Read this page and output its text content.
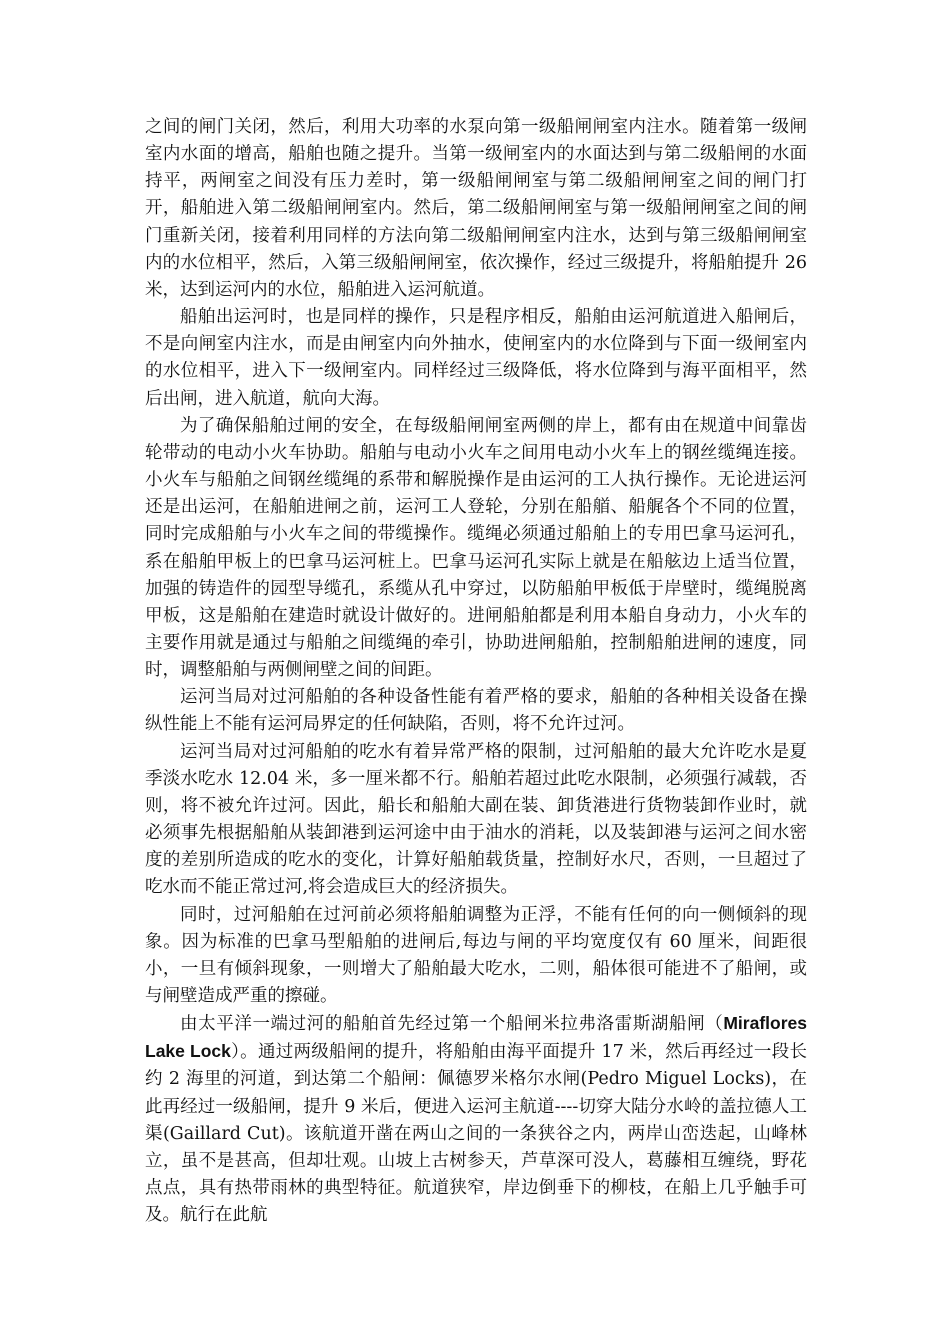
之间的闸门关闭，然后，利用大功率的水泵向第一级船闸闸室内注水。随着第一级闸室内水面的增高，船舶也随之提升。当第一级闸室内的水面达到与第二级船闸的水面持平，两闸室之间没有压力差时，第一级船闸闸室与第二级船闸闸室之间的闸门打开，船舶进入第二级船闸闸室内。然后，第二级船闸闸室与第一级船闸闸室之间的闸门重新关闭，接着利用同样的方法向第二级船闸闸室内注水，达到与第三级船闸闸室内的水位相平，然后，入第三级船闸闸室，依次操作，经过三级提升，将船舶提升 26 米，达到运河内的水位，船舶进入运河航道。

船舶出运河时，也是同样的操作，只是程序相反，船舶由运河航道进入船闸后，不是向闸室内注水，而是由闸室内向外抽水，使闸室内的水位降到与下面一级闸室内的水位相平，进入下一级闸室内。同样经过三级降低，将水位降到与海平面相平，然后出闸，进入航道，航向大海。

为了确保船舶过闸的安全，在每级船闸闸室两侧的岸上，都有由在规道中间靠齿轮带动的电动小火车协助。船舶与电动小火车之间用电动小火车上的钢丝缆绳连接。小火车与船舶之间钢丝缆绳的系带和解脱操作是由运河的工人执行操作。无论进运河还是出运河，在船舶进闸之前，运河工人登轮，分别在船艏、船艉各个不同的位置，同时完成船舶与小火车之间的带缆操作。缆绳必须通过船舶上的专用巴拿马运河孔，系在船舶甲板上的巴拿马运河桩上。巴拿马运河孔实际上就是在船舷边上适当位置，加强的铸造件的园型导缆孔，系缆从孔中穿过，以防船舶甲板低于岸壁时，缆绳脱离甲板，这是船舶在建造时就设计做好的。进闸船舶都是利用本船自身动力，小火车的主要作用就是通过与船舶之间缆绳的牵引，协助进闸船舶，控制船舶进闸的速度，同时，调整船舶与两侧闸壁之间的间距。

运河当局对过河船舶的各种设备性能有着严格的要求，船舶的各种相关设备在操纵性能上不能有运河局界定的任何缺陷，否则，将不允许过河。

运河当局对过河船舶的吃水有着异常严格的限制，过河船舶的最大允许吃水是夏季淡水吃水 12.04 米，多一厘米都不行。船舶若超过此吃水限制，必须强行减载，否则，将不被允许过河。因此，船长和船舶大副在装、卸货港进行货物装卸作业时，就必须事先根据船舶从装卸港到运河途中由于油水的消耗，以及装卸港与运河之间水密度的差别所造成的吃水的变化，计算好船舶载货量，控制好水尺，否则，一旦超过了吃水而不能正常过河,将会造成巨大的经济损失。

同时，过河船舶在过河前必须将船舶调整为正浮，不能有任何的向一侧倾斜的现象。因为标准的巴拿马型船舶的进闸后,每边与闸的平均宽度仅有 60 厘米，间距很小，一旦有倾斜现象，一则增大了船舶最大吃水，二则，船体很可能进不了船闸，或与闸壁造成严重的擦碰。

由太平洋一端过河的船舶首先经过第一个船闸米拉弗洛雷斯湖船闸（Miraflores Lake Lock）。通过两级船闸的提升，将船舶由海平面提升 17 米，然后再经过一段长约 2 海里的河道，到达第二个船闸：佩德罗米格尔水闸(Pedro Miguel Locks)，在此再经过一级船闸，提升 9 米后，便进入运河主航道----切穿大陆分水岭的盖拉德人工渠(Gaillard Cut)。该航道开凿在两山之间的一条狭谷之内，两岸山峦迭起，山峰林立，虽不是甚高，但却壮观。山坡上古树参天，芦草深可没人，葛藤相互缠绕，野花点点，具有热带雨林的典型特征。航道狭窄，岸边倒垂下的柳枝，在船上几乎触手可及。航行在此航
